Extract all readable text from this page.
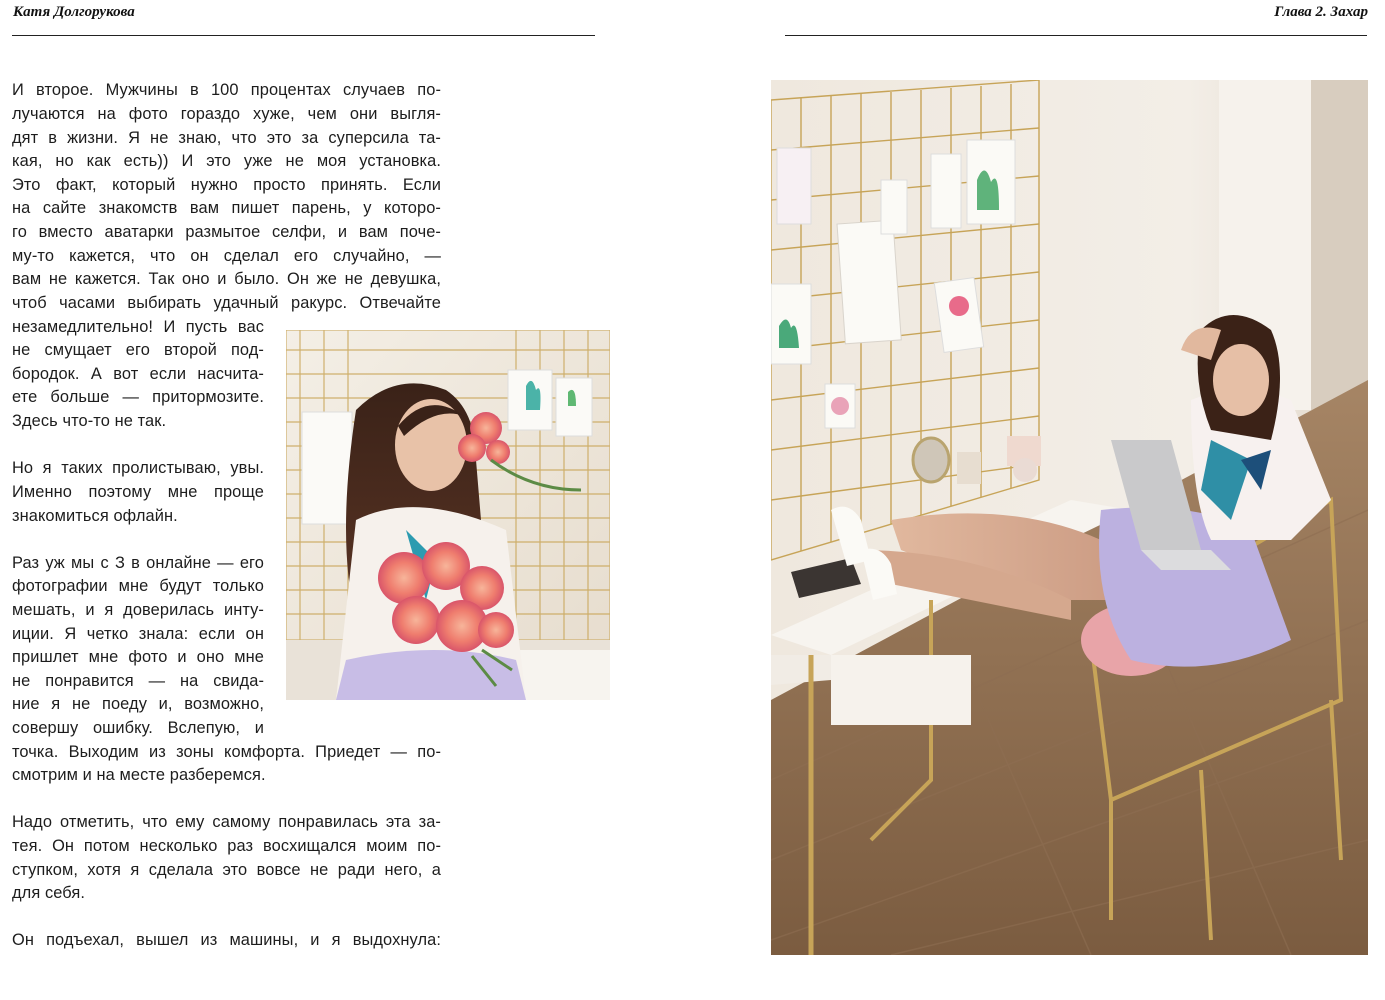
Катя Долгорукова	Глава 2. Захар
И второе. Мужчины в 100 процентах случаев по-
лучаются на фото гораздо хуже, чем они выгля-
дят в жизни. Я не знаю, что это за суперсила та-
кая, но как есть)) И это уже не моя установка.
Это факт, который нужно просто принять. Если
на сайте знакомств вам пишет парень, у которо-
го вместо аватарки размытое селфи, и вам поче-
му-то кажется, что он сделал его случайно, —
вам не кажется. Так оно и было. Он же не девушка,
чтоб часами выбирать удачный ракурс. Отвечайте
незамедлительно! И пусть вас
не смущает его второй под-
бородок. А вот если насчита-
ете больше — притормозите.
Здесь что-то не так.
Но я таких пролистываю, увы.
Именно поэтому мне проще
знакомиться офлайн.
Раз уж мы с З в онлайне — его
фотографии мне будут только
мешать, и я доверилась инту-
иции. Я четко знала: если он
пришлет мне фото и оно мне
не понравится — на свида-
ние я не поеду и, возможно,
совершу ошибку. Вслепую, и
точка. Выходим из зоны комфорта. Приедет — по-
смотрим и на месте разберемся.
Надо отметить, что ему самому понравилась эта за-
тея. Он потом несколько раз восхищался моим по-
ступком, хотя я сделала это вовсе не ради него, а
для себя.
Он подъехал, вышел из машины, и я выдохнула:
